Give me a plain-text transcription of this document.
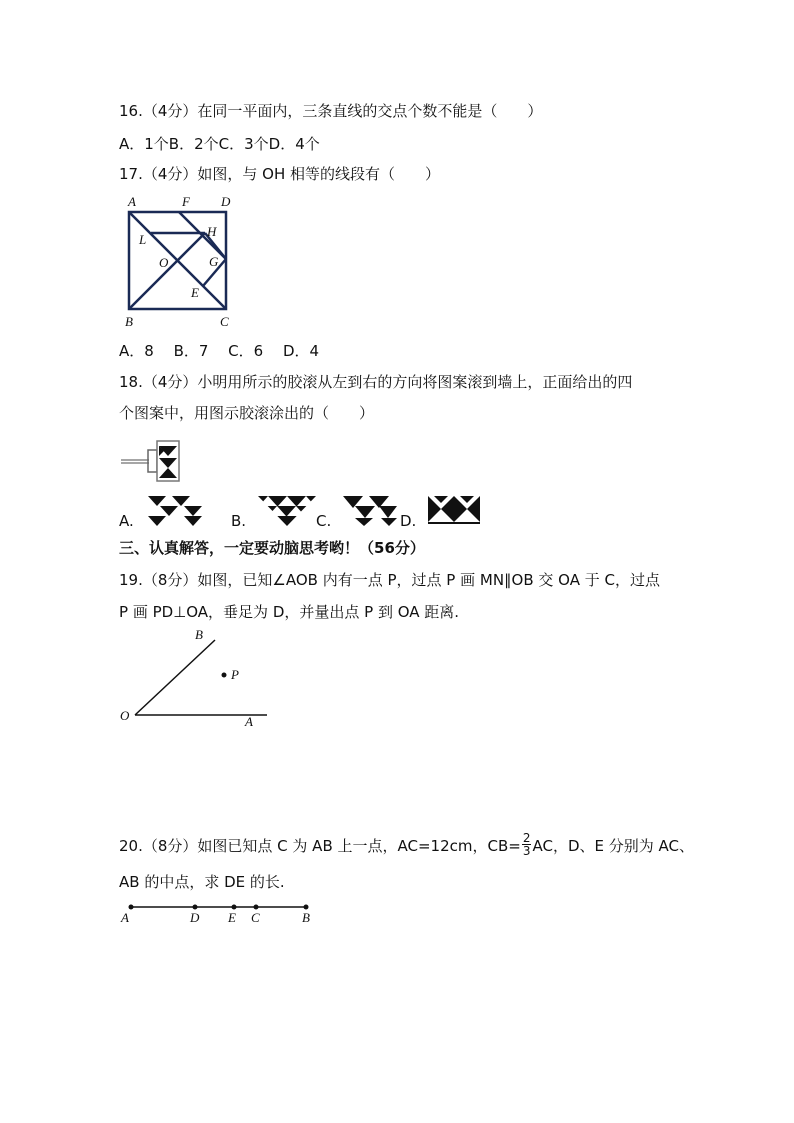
16.（4分）在同一平面内，三条直线的交点个数不能是（　　）
A．1个B．2个C．3个D．4个
17.（4分）如图，与 OH 相等的线段有（　　）
A	F D
L
H
O	G
E
B	C
A．8　 B．7　 C．6　 D．4
18.（4分）小明用所示的胶滚从左到右的方向将图案滚到墙上，正面给出的四
个图案中，用图示胶滚涂出的（　　）
A.	B.	C.	D.
三、认真解答，一定要动脑思考哟！（56分）
19.（8分）如图，已知∠AOB 内有一点 P，过点 P 画 MN∥OB 交 OA 于 C，过点
P 画 PD⊥OA，垂足为 D，并量出点 P 到 OA 距离.
B
P
O	A
20.（8分）如图已知点 C 为 AB 上一点，AC=12cm，$CB= \frac{2}{3}$ AC，D、E 分别为 AC、
AB 的中点，求 DE 的长.
A	D E C	B
